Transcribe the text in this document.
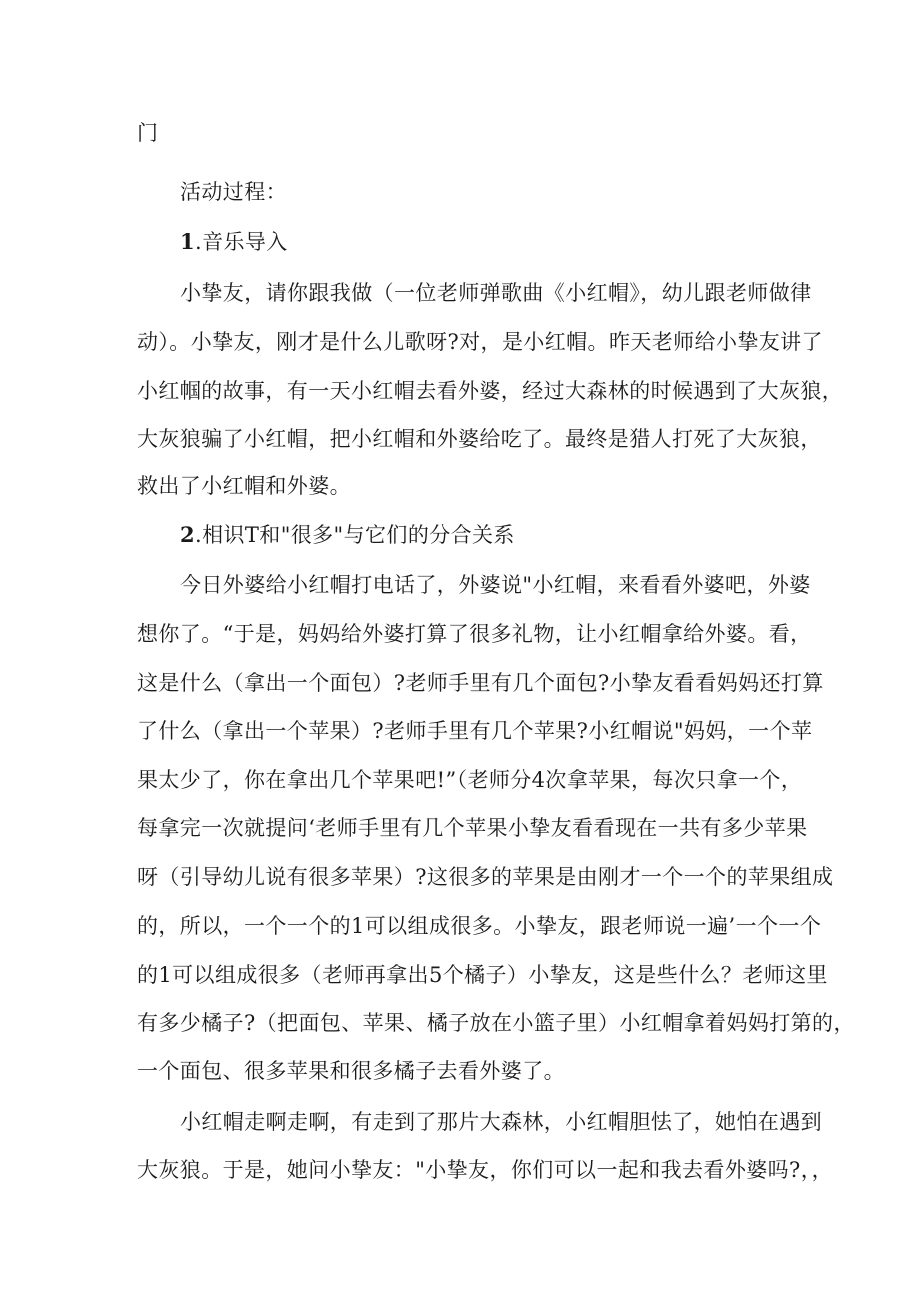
门
活动过程：
1.音乐导入
小挚友，请你跟我做（一位老师弹歌曲《小红帽》，幼儿跟老师做律
动）。小挚友，刚才是什么儿歌呀?对，是小红帽。昨天老师给小挚友讲了
小红帼的故事，有一天小红帽去看外婆，经过大森林的时候遇到了大灰狼，
大灰狼骗了小红帽，把小红帽和外婆给吃了。最终是猎人打死了大灰狼，
救出了小红帽和外婆。
2.相识T和"很多"与它们的分合关系
今日外婆给小红帽打电话了，外婆说"小红帽，来看看外婆吧，外婆
想你了。“于是，妈妈给外婆打算了很多礼物，让小红帽拿给外婆。看，
这是什么（拿出一个面包）?老师手里有几个面包?小挚友看看妈妈还打算
了什么（拿出一个苹果）?老师手里有几个苹果?小红帽说"妈妈，一个苹
果太少了，你在拿出几个苹果吧!”（老师分4次拿苹果，每次只拿一个，
每拿完一次就提问‘老师手里有几个苹果小挚友看看现在一共有多少苹果
呀（引导幼儿说有很多苹果）?这很多的苹果是由刚才一个一个的苹果组成
的，所以，一个一个的1可以组成很多。小挚友，跟老师说一遍’一个一个
的1可以组成很多（老师再拿出5个橘子）小挚友，这是些什么？老师这里
有多少橘子?（把面包、苹果、橘子放在小篮子里）小红帽拿着妈妈打第的，
一个面包、很多苹果和很多橘子去看外婆了。
小红帽走啊走啊，有走到了那片大森林，小红帽胆怯了，她怕在遇到
大灰狼。于是，她问小挚友："小挚友，你们可以一起和我去看外婆吗?，，
